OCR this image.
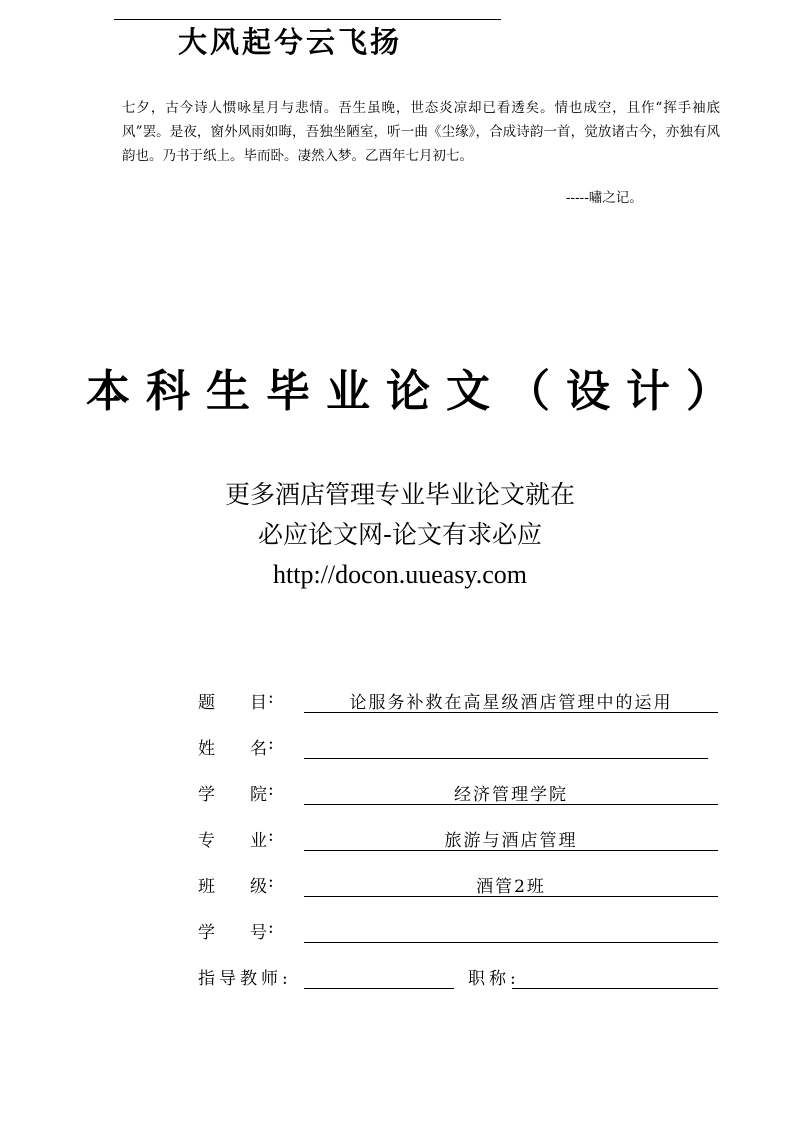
大风起兮云飞扬
七夕，古今诗人惯咏星月与悲情。吾生虽晚，世态炎凉却已看透矣。情也成空，且作“挥手袖底风”罢。是夜，窗外风雨如晦，吾独坐陋室，听一曲《尘缘》，合成诗韵一首，觉放诸古今，亦独有风韵也。乃书于纸上。毕而卧。凄然入梦。乙酉年七月初七。
-----嘯之记。
本科生毕业论文（设计）
更多酒店管理专业毕业论文就在
必应论文网-论文有求必应
http://docon.uueasy.com
题 目 :	论服务补救在高星级酒店管理中的运用
姓 名 :
学 院 :	经济管理学院
专 业 :	旅游与酒店管理
班 级 :	酒管2班
学 号 :
指导教师:	职称:
